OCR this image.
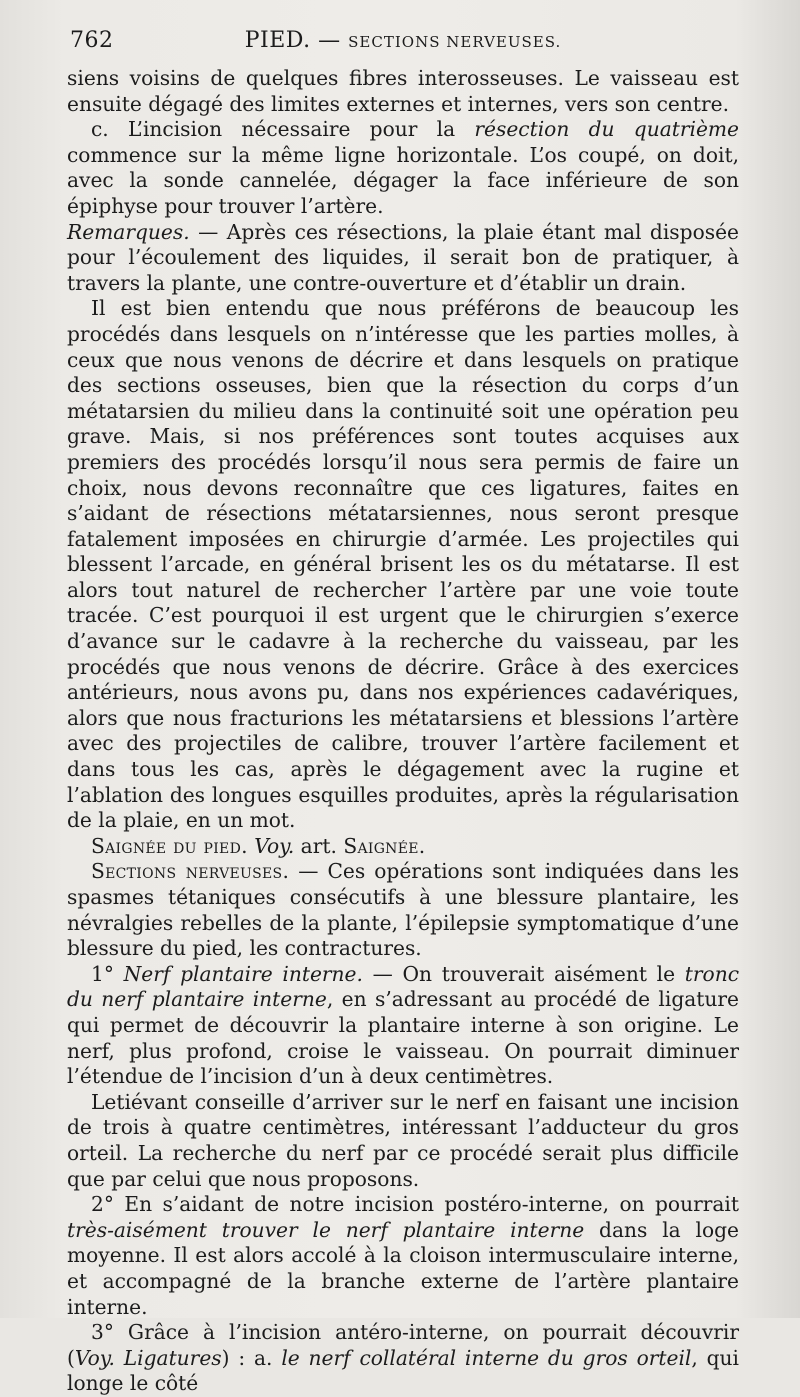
762	PIED. — SECTIONS NERVEUSES.

siens voisins de quelques fibres interosseuses. Le vaisseau est ensuite dégagé des limites externes et internes, vers son centre.

c. L’incision nécessaire pour la résection du quatrième commence sur la même ligne horizontale. L’os coupé, on doit, avec la sonde cannelée, dégager la face inférieure de son épiphyse pour trouver l’artère.

Remarques. — Après ces résections, la plaie étant mal disposée pour l’écoulement des liquides, il serait bon de pratiquer, à travers la plante, une contre-ouverture et d’établir un drain.

Il est bien entendu que nous préférons de beaucoup les procédés dans lesquels on n’intéresse que les parties molles, à ceux que nous venons de décrire et dans lesquels on pratique des sections osseuses, bien que la résection du corps d’un métatarsien du milieu dans la continuité soit une opération peu grave. Mais, si nos préférences sont toutes acquises aux premiers des procédés lorsqu’il nous sera permis de faire un choix, nous devons reconnaître que ces ligatures, faites en s’aidant de résections métatarsiennes, nous seront presque fatalement imposées en chirurgie d’armée. Les projectiles qui blessent l’arcade, en général brisent les os du métatarse. Il est alors tout naturel de rechercher l’artère par une voie toute tracée. C’est pourquoi il est urgent que le chirurgien s’exerce d’avance sur le cadavre à la recherche du vaisseau, par les procédés que nous venons de décrire. Grâce à des exercices antérieurs, nous avons pu, dans nos expériences cadavériques, alors que nous fracturions les métatarsiens et blessions l’artère avec des projectiles de calibre, trouver l’artère facilement et dans tous les cas, après le dégagement avec la rugine et l’ablation des longues esquilles produites, après la régularisation de la plaie, en un mot.

Saignée du pied. Voy. art. Saignée.

Sections nerveuses. — Ces opérations sont indiquées dans les spasmes tétaniques consécutifs à une blessure plantaire, les névralgies rebelles de la plante, l’épilepsie symptomatique d’une blessure du pied, les contractures.

1° Nerf plantaire interne. — On trouverait aisément le tronc du nerf plantaire interne, en s’adressant au procédé de ligature qui permet de découvrir la plantaire interne à son origine. Le nerf, plus profond, croise le vaisseau. On pourrait diminuer l’étendue de l’incision d’un à deux centimètres.

Letiévant conseille d’arriver sur le nerf en faisant une incision de trois à quatre centimètres, intéressant l’adducteur du gros orteil. La recherche du nerf par ce procédé serait plus difficile que par celui que nous proposons.

2° En s’aidant de notre incision postéro-interne, on pourrait très-aisément trouver le nerf plantaire interne dans la loge moyenne. Il est alors accolé à la cloison intermusculaire interne, et accompagné de la branche externe de l’artère plantaire interne.

3° Grâce à l’incision antéro-interne, on pourrait découvrir (Voy. Ligatures) : a. le nerf collatéral interne du gros orteil, qui longe le côté
